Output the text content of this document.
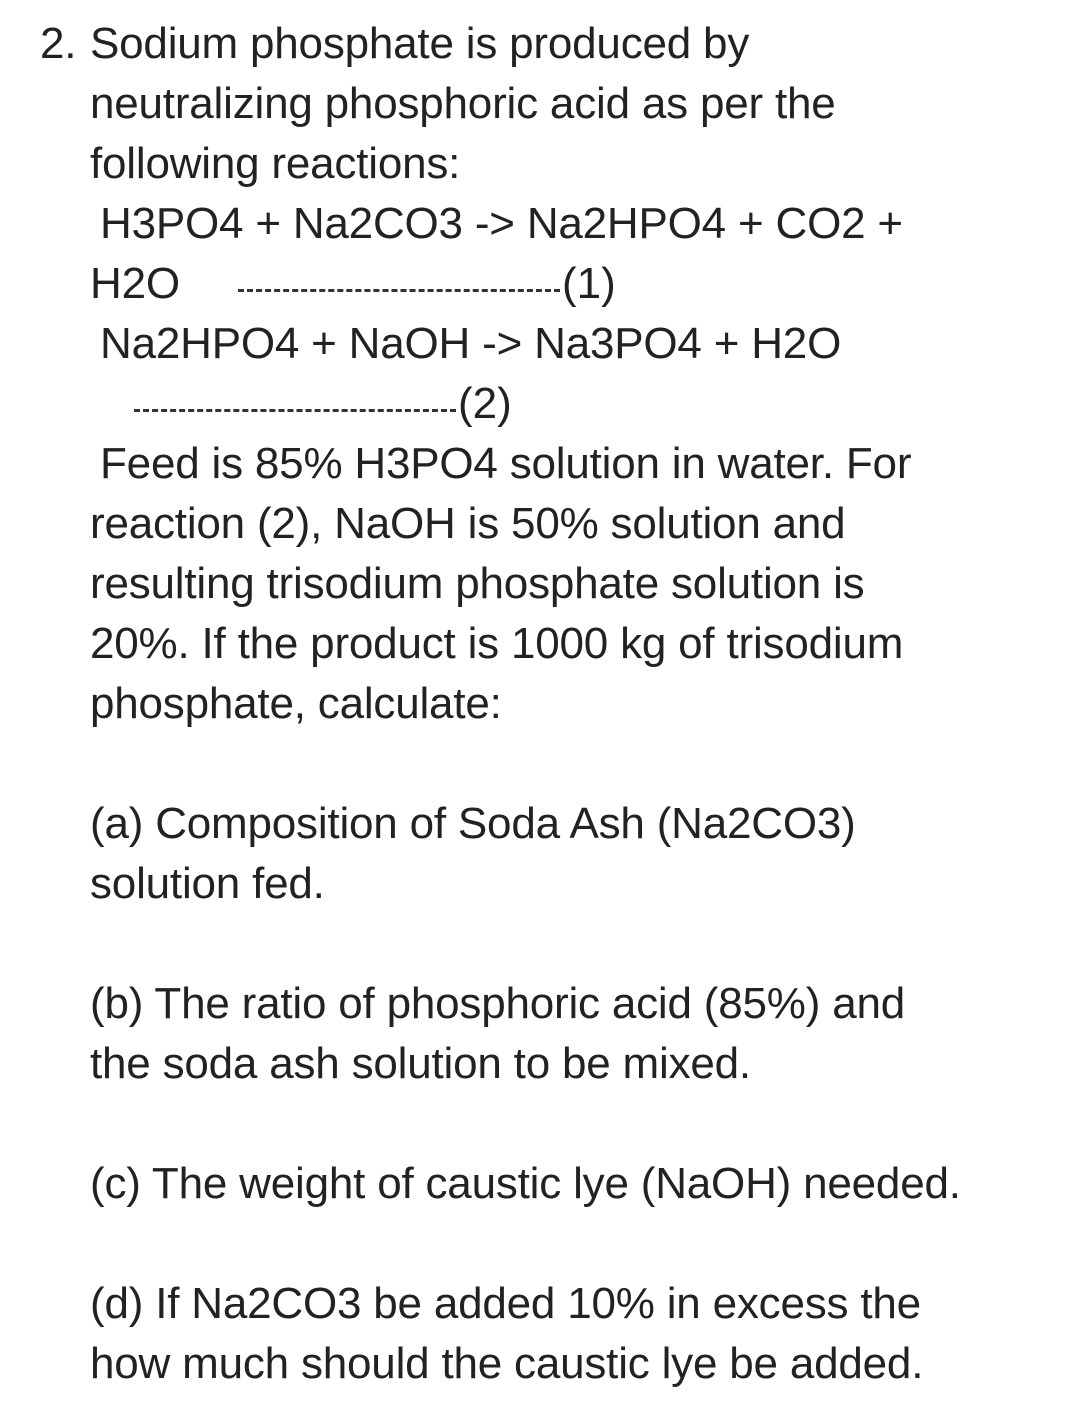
2. Sodium phosphate is produced by
neutralizing phosphoric acid as per the
following reactions:
H3PO4 + Na2CO3 -> Na2HPO4 + CO2 +
H2O	(1)
Na2HPO4 + NaOH -> Na3PO4 + H2O
(2)
Feed is 85% H3PO4 solution in water. For
reaction (2), NaOH is 50% solution and
resulting trisodium phosphate solution is
20%. If the product is 1000 kg of trisodium
phosphate, calculate:
(a) Composition of Soda Ash (Na2CO3)
solution fed.
(b) The ratio of phosphoric acid (85%) and
the soda ash solution to be mixed.
(c) The weight of caustic lye (NaOH) needed.
(d) If Na2CO3 be added 10% in excess the
how much should the caustic lye be added.
